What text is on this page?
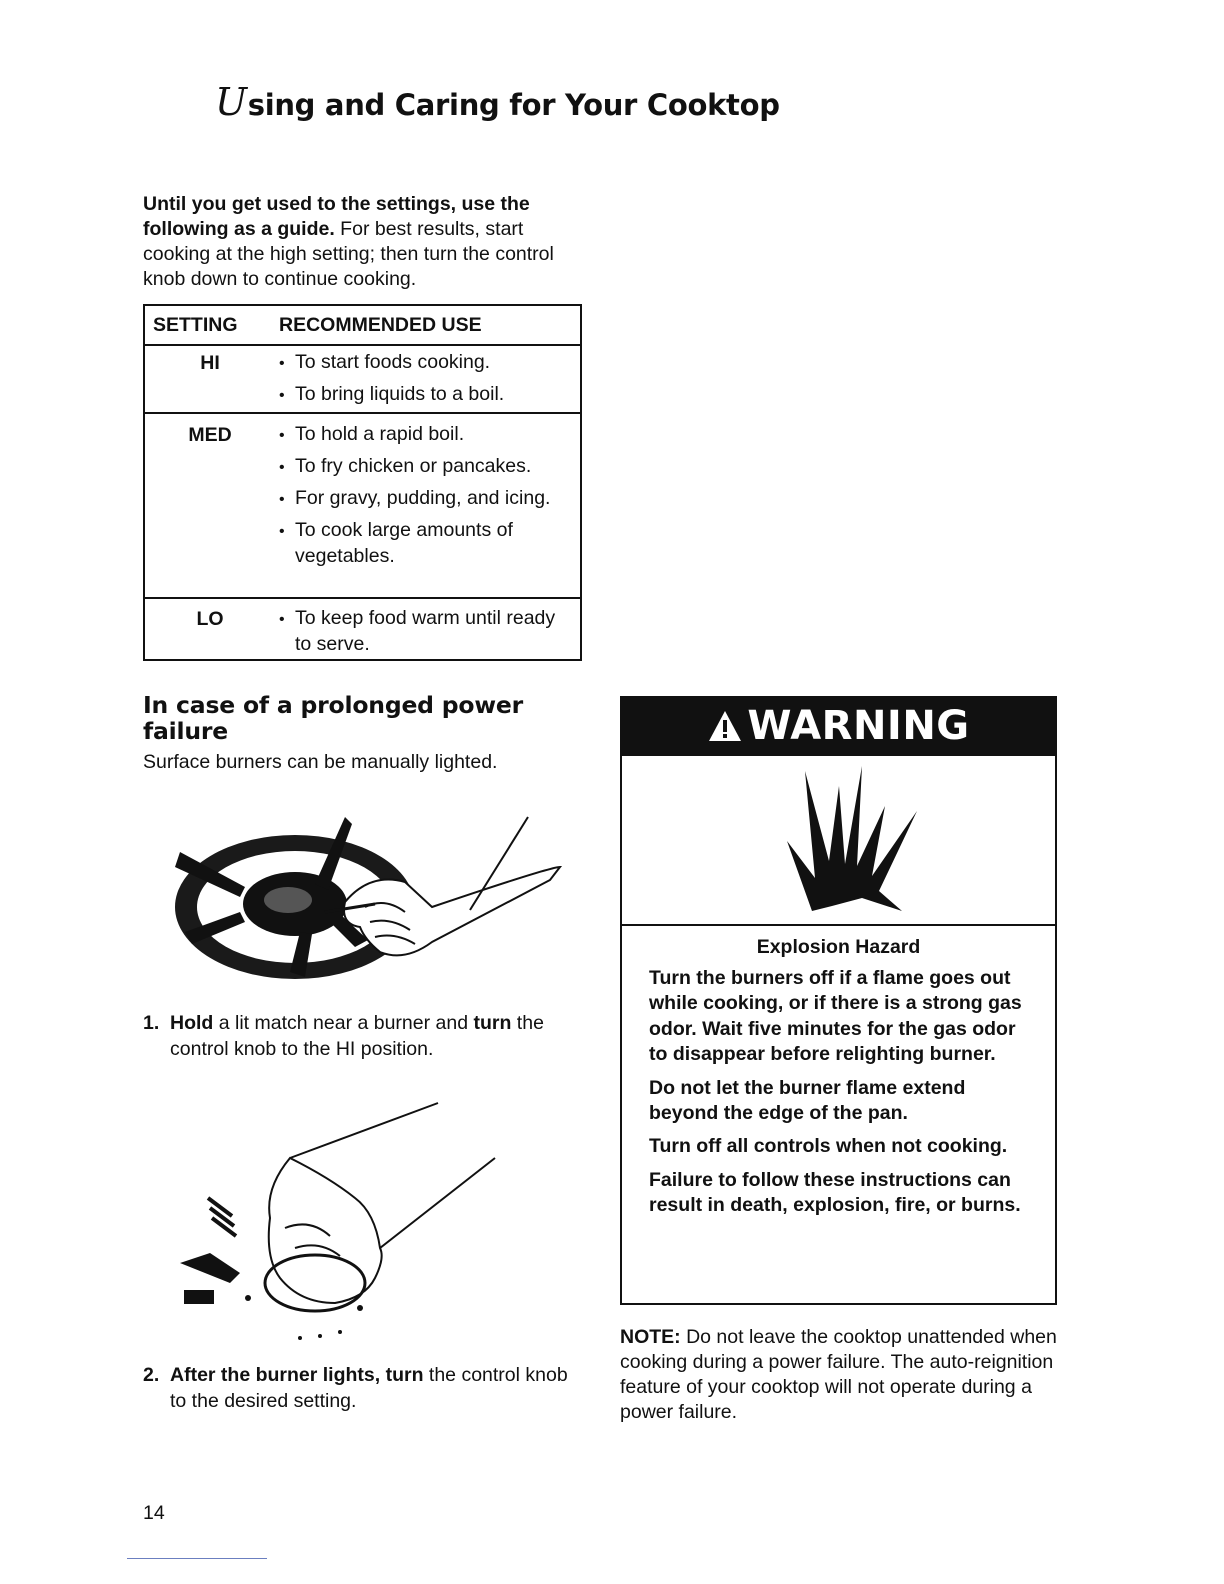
Using and Caring for Your Cooktop

Until you get used to the settings, use the following as a guide. For best results, start cooking at the high setting; then turn the control knob down to continue cooking.

SETTING RECOMMENDED USE
HI	• To start foods cooking.
• To bring liquids to a boil.
MED	• To hold a rapid boil.
• To fry chicken or pancakes.
• For gravy, pudding, and icing.
• To cook large amounts of vegetables.
LO	• To keep food warm until ready to serve.
In case of a prolonged power failure

Surface burners can be manually lighted.

1. Hold a lit match near a burner and turn the control knob to the HI position.
2. After the burner lights, turn the control knob to the desired setting.
WARNING
Explosion Hazard

Turn the burners off if a flame goes out while cooking, or if there is a strong gas odor. Wait five minutes for the gas odor to disappear before relighting burner.

Do not let the burner flame extend beyond the edge of the pan.

Turn off all controls when not cooking.

Failure to follow these instructions can result in death, explosion, fire, or burns.

NOTE: Do not leave the cooktop unattended when cooking during a power failure. The auto-reignition feature of your cooktop will not operate during a power failure.

14
